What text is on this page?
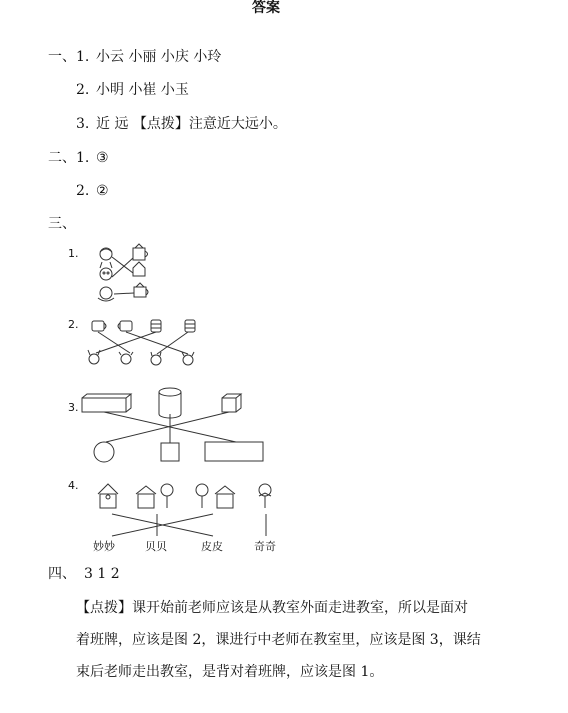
答案
一、 1. 小云 小丽 小庆 小玲
2. 小明 小崔 小玉
3. 近 远 【点拨】注意近大远小。
二、 1. ③
2. ②
三、
1.
2.
3.
4.
妙妙	贝贝	皮皮	奇奇
四、 3 1 2
【点拨】课开始前老师应该是从教室外面走进教室，所以是面对
着班牌，应该是图 2，课进行中老师在教室里，应该是图 3，课结
束后老师走出教室，是背对着班牌，应该是图 1。
